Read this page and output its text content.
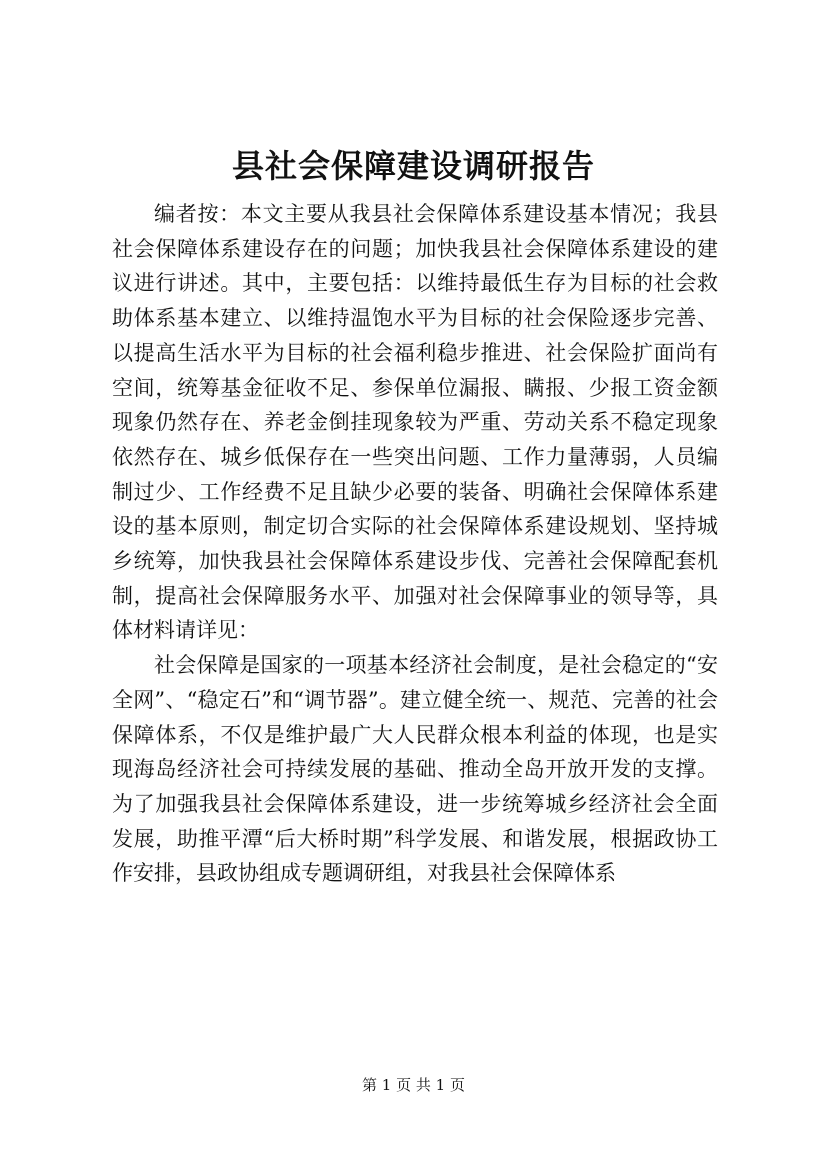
县社会保障建设调研报告

编者按：本文主要从我县社会保障体系建设基本情况；我县社会保障体系建设存在的问题；加快我县社会保障体系建设的建议进行讲述。其中，主要包括：以维持最低生存为目标的社会救助体系基本建立、以维持温饱水平为目标的社会保险逐步完善、以提高生活水平为目标的社会福利稳步推进、社会保险扩面尚有空间，统筹基金征收不足、参保单位漏报、瞒报、少报工资金额现象仍然存在、养老金倒挂现象较为严重、劳动关系不稳定现象依然存在、城乡低保存在一些突出问题、工作力量薄弱，人员编制过少、工作经费不足且缺少必要的装备、明确社会保障体系建设的基本原则，制定切合实际的社会保障体系建设规划、坚持城乡统筹，加快我县社会保障体系建设步伐、完善社会保障配套机制，提高社会保障服务水平、加强对社会保障事业的领导等，具体材料请详见：

社会保障是国家的一项基本经济社会制度，是社会稳定的“安全网”、“稳定石”和“调节器”。建立健全统一、规范、完善的社会保障体系，不仅是维护最广大人民群众根本利益的体现，也是实现海岛经济社会可持续发展的基础、推动全岛开放开发的支撑。为了加强我县社会保障体系建设，进一步统筹城乡经济社会全面发展，助推平潭“后大桥时期”科学发展、和谐发展，根据政协工作安排，县政协组成专题调研组，对我县社会保障体系

第 1 页 共 1 页
